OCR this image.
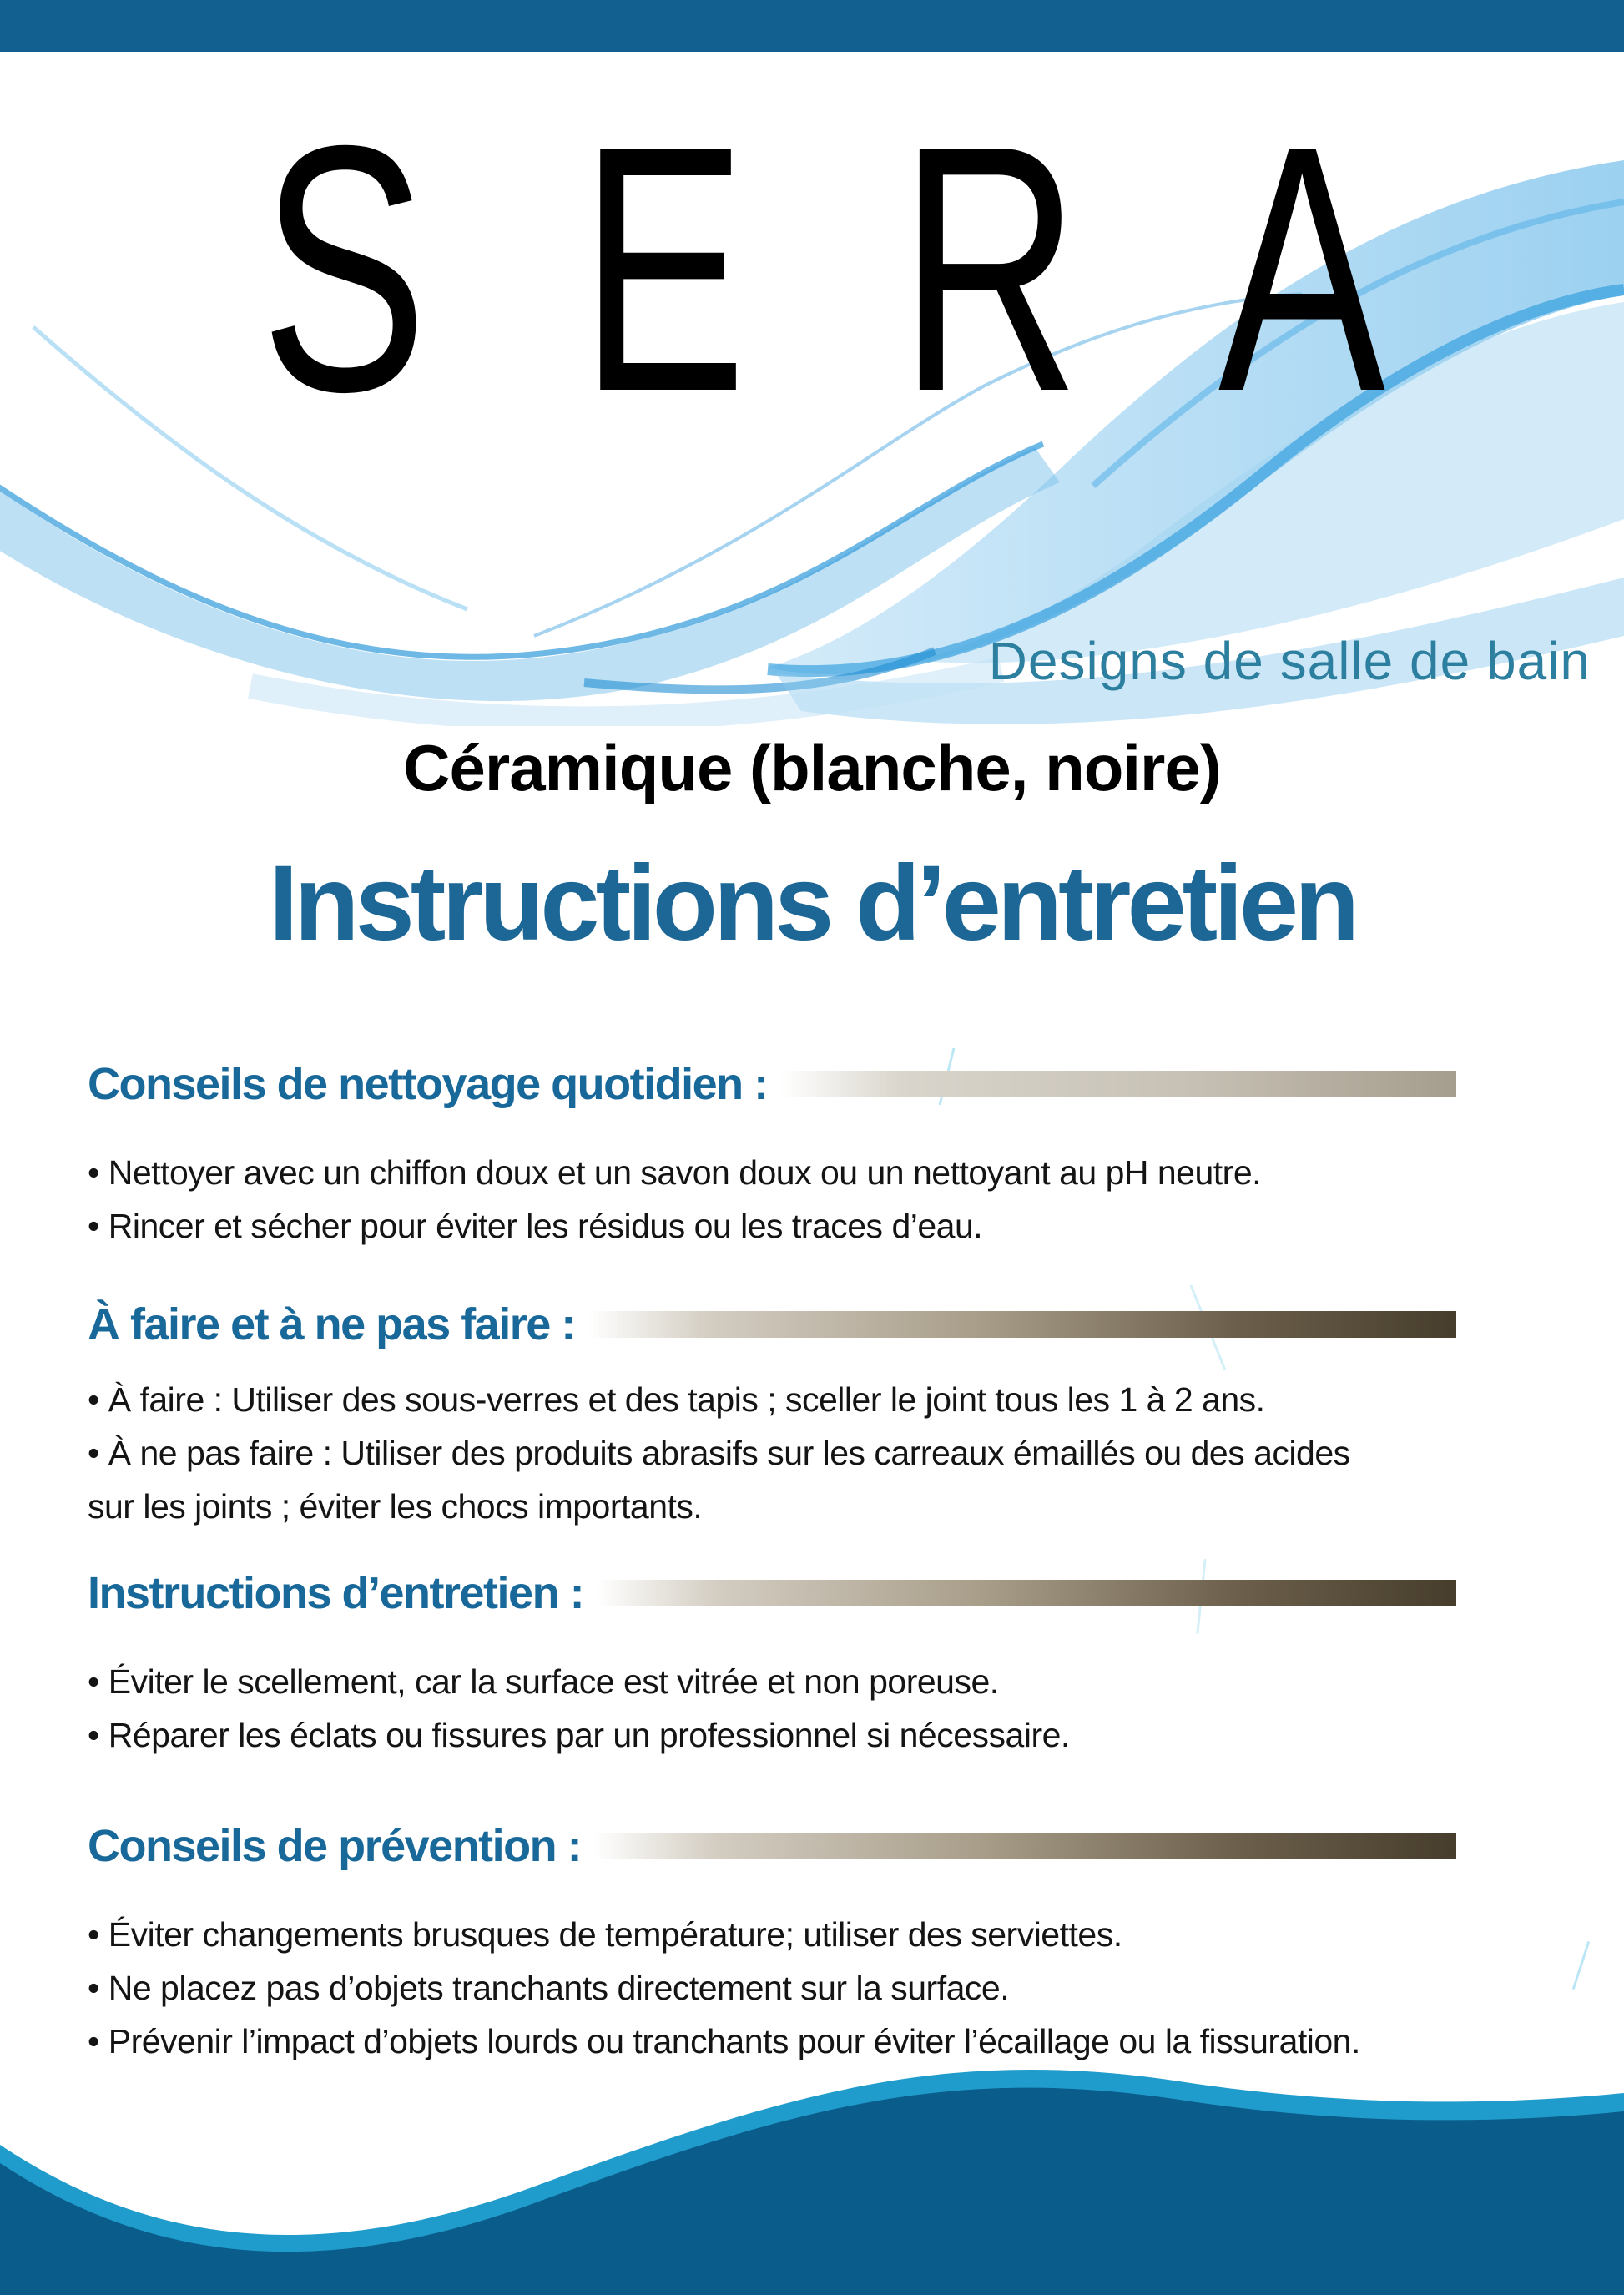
S E R A
Designs de salle de bain
Céramique (blanche, noire)
Instructions d’entretien
Conseils de nettoyage quotidien :
• Nettoyer avec un chiffon doux et un savon doux ou un nettoyant au pH neutre.
• Rincer et sécher pour éviter les résidus ou les traces d’eau.
À faire et à ne pas faire :
• À faire : Utiliser des sous-verres et des tapis ; sceller le joint tous les 1 à 2 ans.
• À ne pas faire : Utiliser des produits abrasifs sur les carreaux émaillés ou des acides
sur les joints ; éviter les chocs importants.
Instructions d’entretien :
• Éviter le scellement, car la surface est vitrée et non poreuse.
• Réparer les éclats ou fissures par un professionnel si nécessaire.
Conseils de prévention :
• Éviter changements brusques de température; utiliser des serviettes.
• Ne placez pas d’objets tranchants directement sur la surface.
• Prévenir l’impact d’objets lourds ou tranchants pour éviter l’écaillage ou la fissuration.
